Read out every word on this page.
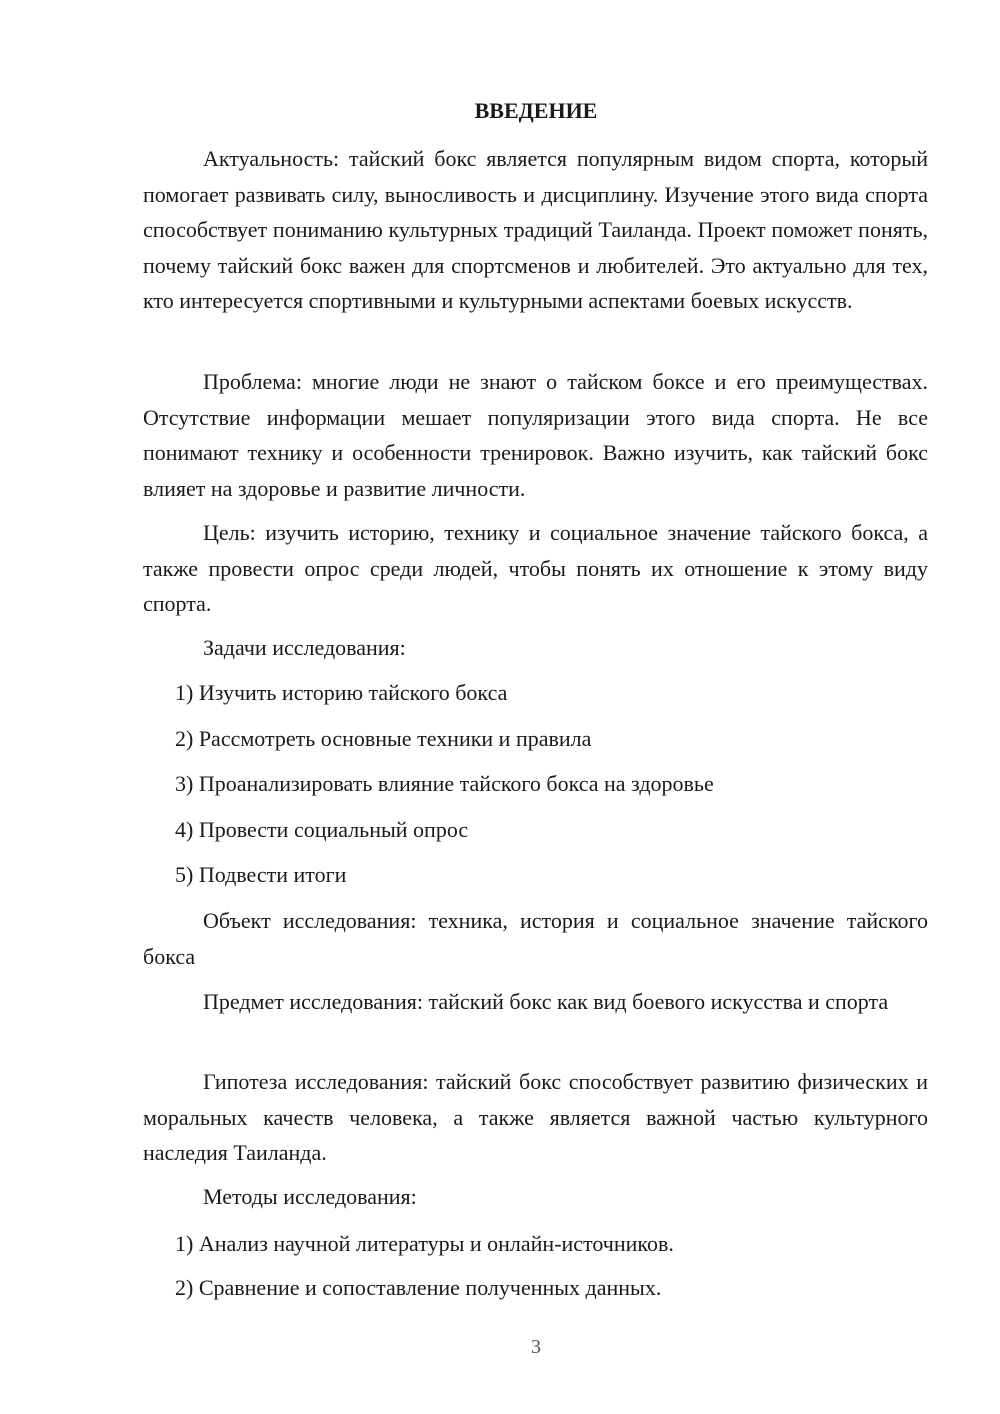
ВВЕДЕНИЕ

Актуальность: тайский бокс является популярным видом спорта, который помогает развивать силу, выносливость и дисциплину. Изучение этого вида спорта способствует пониманию культурных традиций Таиланда. Проект поможет понять, почему тайский бокс важен для спортсменов и любителей. Это актуально для тех, кто интересуется спортивными и культурными аспектами боевых искусств.

Проблема: многие люди не знают о тайском боксе и его преимуществах. Отсутствие информации мешает популяризации этого вида спорта. Не все понимают технику и особенности тренировок. Важно изучить, как тайский бокс влияет на здоровье и развитие личности.

Цель: изучить историю, технику и социальное значение тайского бокса, а также провести опрос среди людей, чтобы понять их отношение к этому виду спорта.

Задачи исследования:

1) Изучить историю тайского бокса

2) Рассмотреть основные техники и правила

3) Проанализировать влияние тайского бокса на здоровье

4) Провести социальный опрос

5) Подвести итоги

Объект исследования: техника, история и социальное значение тайского бокса

Предмет исследования: тайский бокс как вид боевого искусства и спорта

Гипотеза исследования: тайский бокс способствует развитию физических и моральных качеств человека, а также является важной частью культурного наследия Таиланда.

Методы исследования:

1) Анализ научной литературы и онлайн-источников.

2) Сравнение и сопоставление полученных данных.

3
